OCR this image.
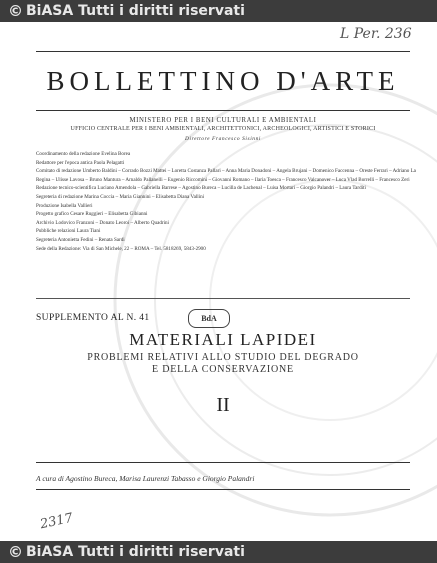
© BiASA Tutti i diritti riservati
L Per. 236
BOLLETTINO D'ARTE
MINISTERO PER I BENI CULTURALI E AMBIENTALI
UFFICIO CENTRALE PER I BENI AMBIENTALI, ARCHITETTONICI, ARCHEOLOGICI, ARTISTICI E STORICI
Direttore Francesco Sisinni

Coordinamento della redazione Evelina Borea

Redattore per l'epoca antica Paola Pelagatti

Comitato di redazione Umberto Baldini – Corrado Bozzi Mattei – Loretta Costanza Pallari – Anna Maria Donadoni – Angela Brujani – Domenico Faccenna – Oreste Ferrari – Adriano La Regina – Ulisse Lavosa – Bruno Mantura – Arnaldo Pallanelli – Eugenio Riccomini – Giovanni Romano – Ilaria Toesca – Francesco Valcanover – Luca Vlad Borrelli – Francesco Zeri

Redazione tecnico-scientifica Luciano Amendola – Gabriella Barrese – Agostino Bureca – Lucilla de Lachenal – Luisa Mortari – Giorgio Palandri – Laura Tarditi

Segreteria di redazione Marina Coccia – Maria Giannini – Elisabetta Diana Vallini

Produzione Isabella Vallieri

Progetto grafico Cesare Ruggieri – Elisabetta Gibianni

Archivio Lodovico Franzoni – Donato Leoroi – Alberto Quadrini

Pubbliche relazioni Laura Tiani

Segreteria Antonietta Fedini – Renata Sardi

Sede della Redazione: Via di San Michele, 22 – ROMA – Tel. 5818269, 5843-2900

SUPPLEMENTO AL N. 41	BdA
MATERIALI LAPIDEI
PROBLEMI RELATIVI ALLO STUDIO DEL DEGRADO
E DELLA CONSERVAZIONE
II
A cura di Agostino Bureca, Marisa Laurenzi Tabasso e Giorgio Palandri
2317
© BiASA Tutti i diritti riservati
